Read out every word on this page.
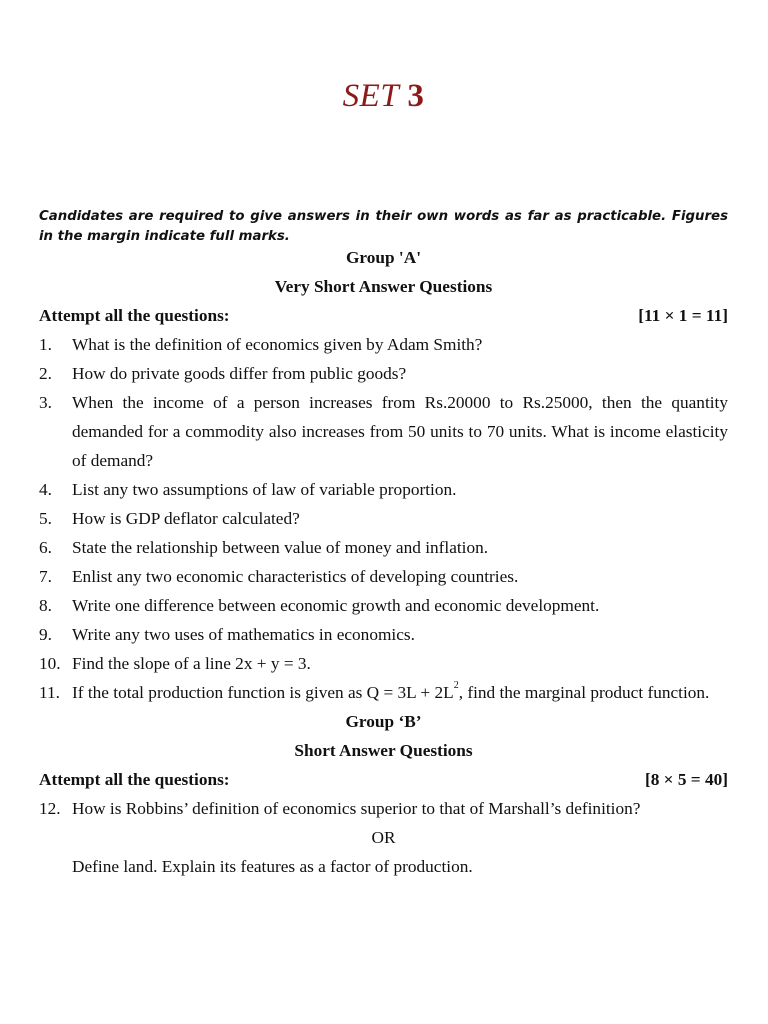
SET 3
Candidates are required to give answers in their own words as far as practicable. Figures in the margin indicate full marks.
Group 'A'
Very Short Answer Questions
Attempt all the questions:	[11 × 1 = 11]
1.	What is the definition of economics given by Adam Smith?
2.	How do private goods differ from public goods?
3.	When the income of a person increases from Rs.20000 to Rs.25000, then the quantity demanded for a commodity also increases from 50 units to 70 units. What is income elasticity of demand?
4.	List any two assumptions of law of variable proportion.
5.	How is GDP deflator calculated?
6.	State the relationship between value of money and inflation.
7.	Enlist any two economic characteristics of developing countries.
8.	Write one difference between economic growth and economic development.
9.	Write any two uses of mathematics in economics.
10. Find the slope of a line 2x + y = 3.
11. If the total production function is given as $Q = 3L + 2L^2$, find the marginal product function.
Group ‘B’
Short Answer Questions
Attempt all the questions:	[8 × 5 = 40]
12. How is Robbins’ definition of economics superior to that of Marshall’s definition?
OR
Define land. Explain its features as a factor of production.
